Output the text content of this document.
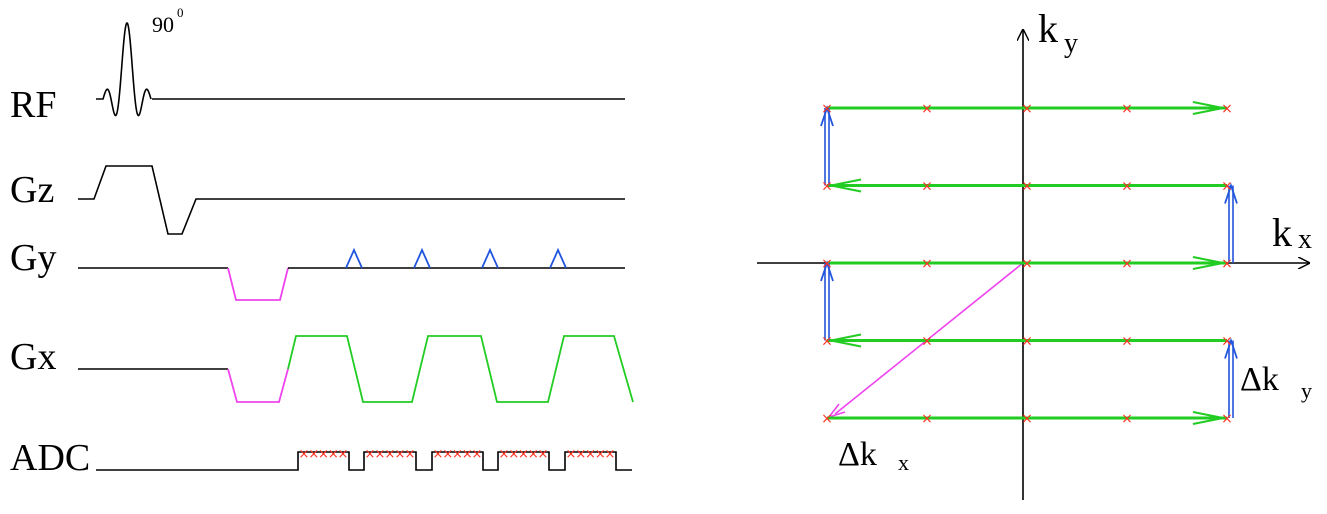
RF
Gz
Gy
Gx
ADC
90 0
×
×
×
×
× × × × × × ×
×
×
×
× ×
×
×
×
× ×
×
×
×
×
k y
k x
Δk y
Δk x
×	×	×	×	×
×	×	×	×	×
×	×	×	×	×
×	×	×	×	×
×	×	×	×	×
